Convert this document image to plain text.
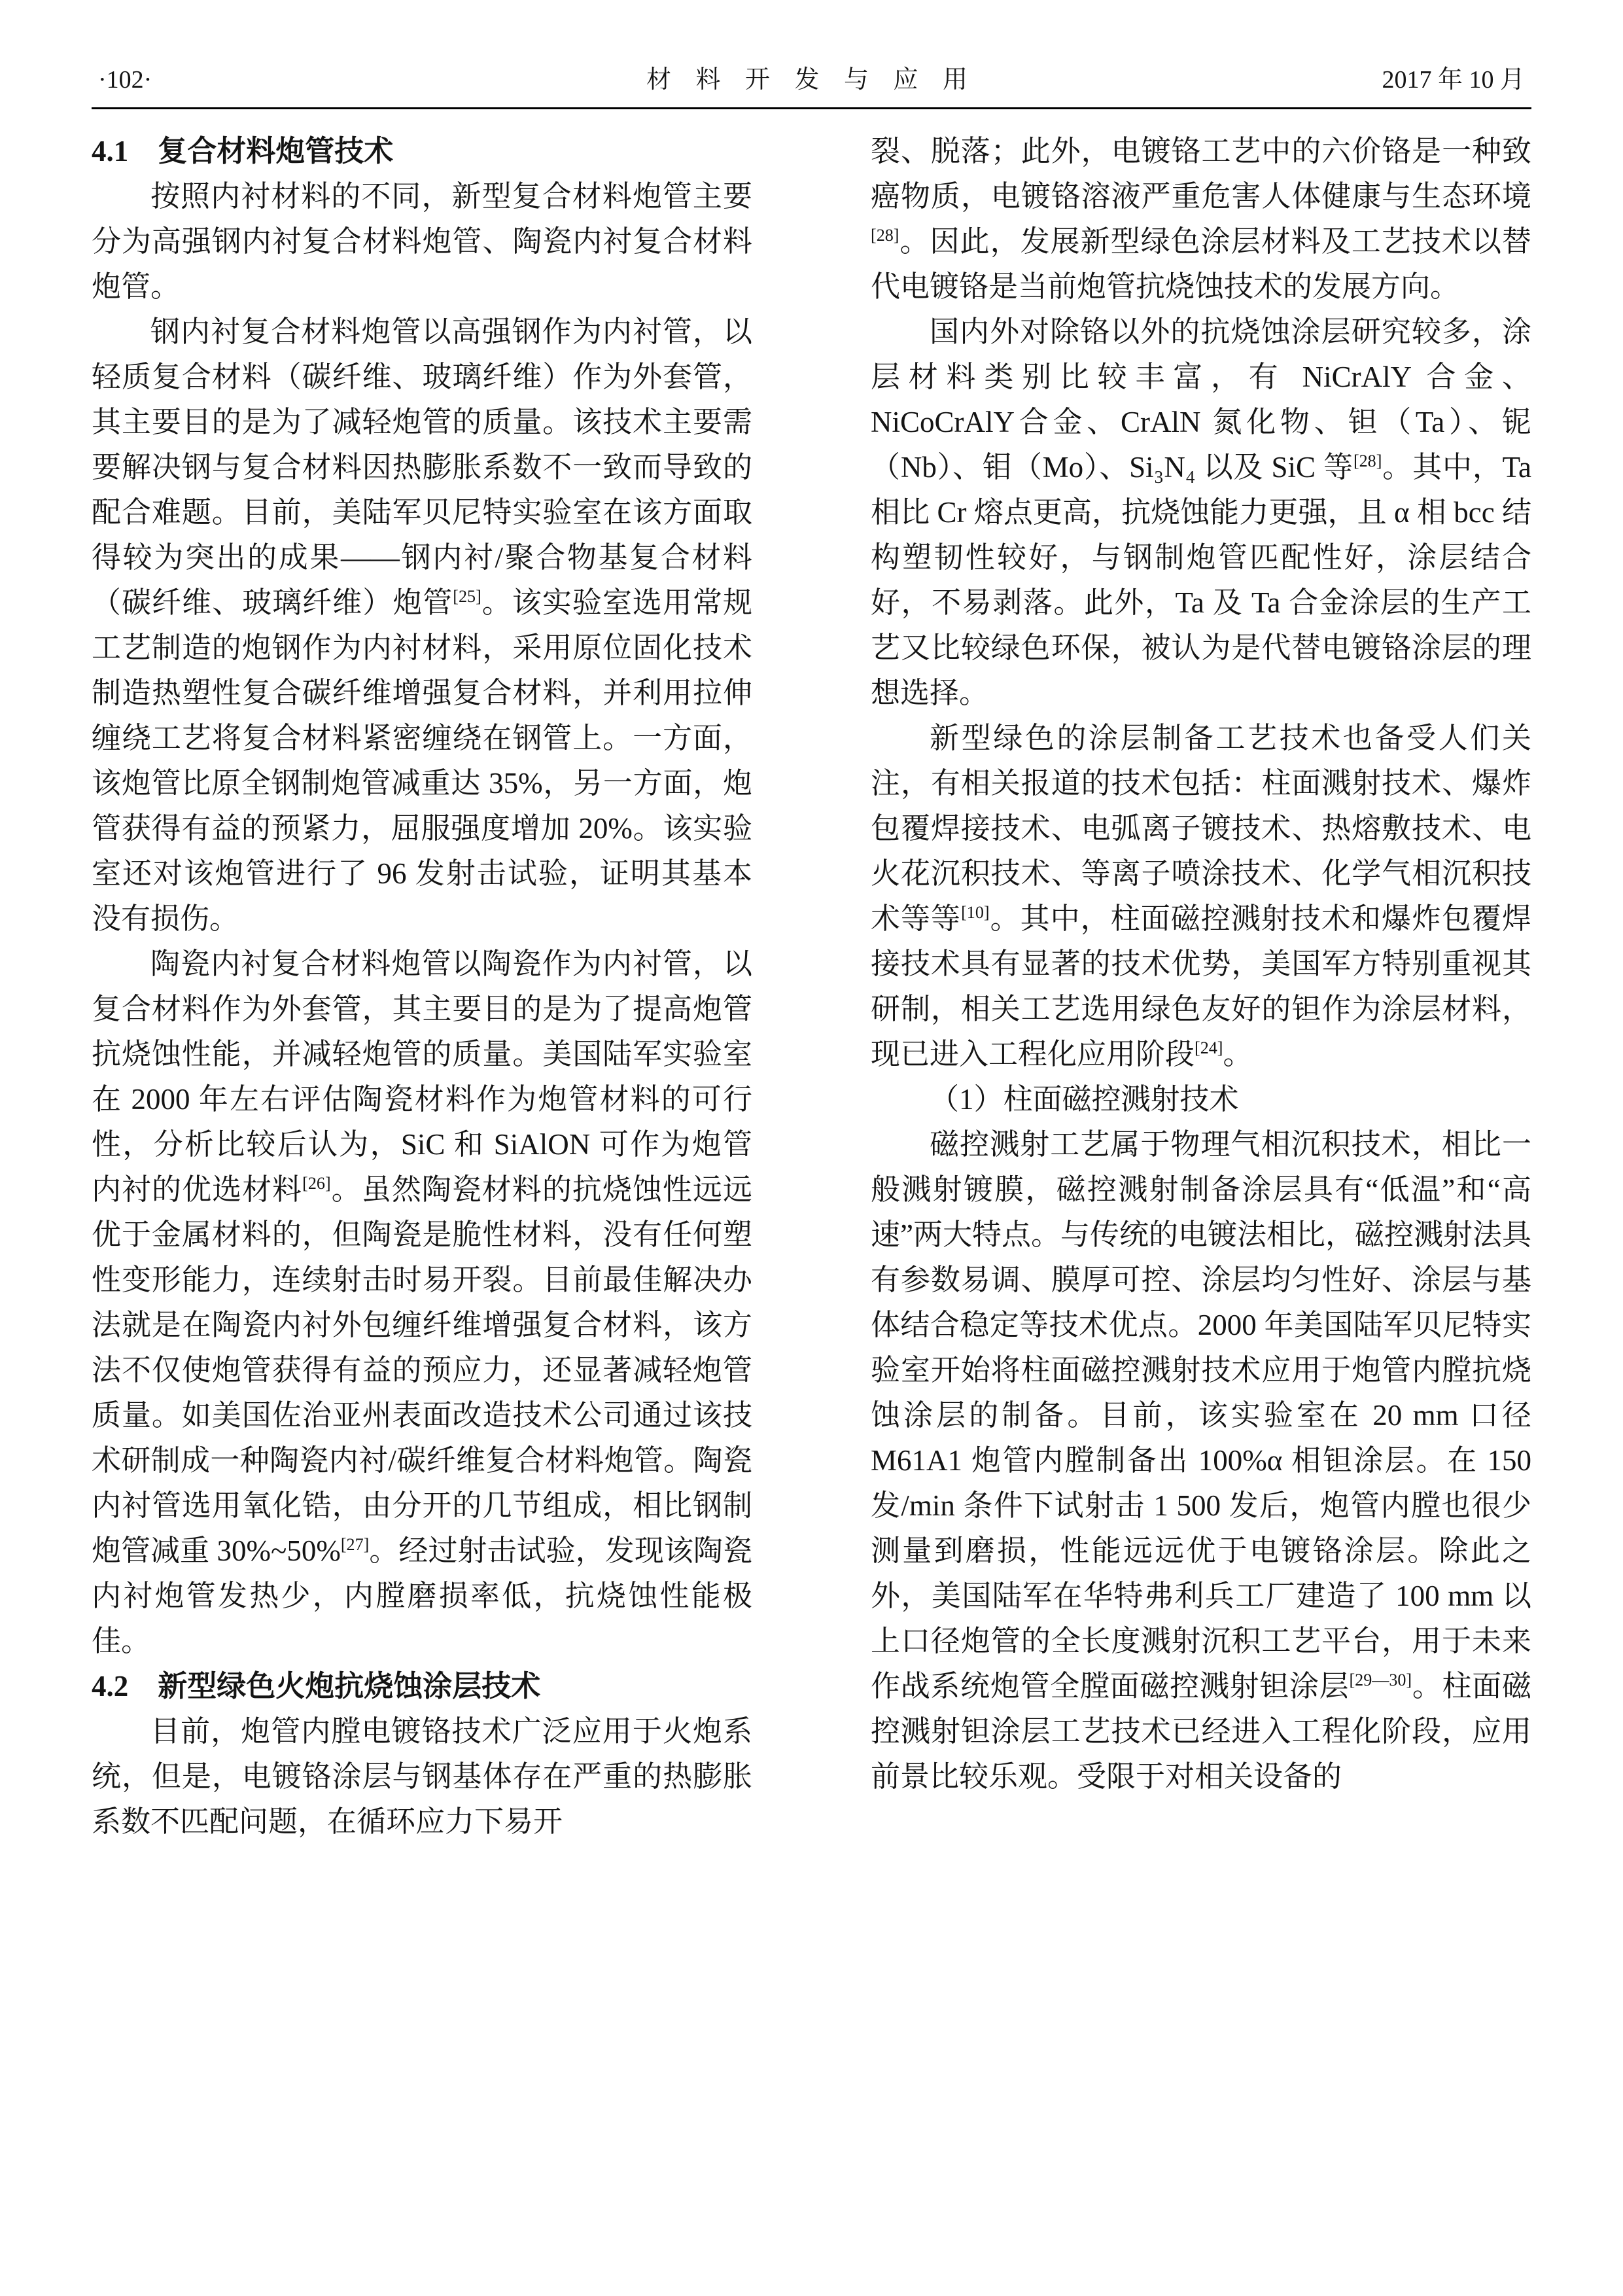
·102·	材 料 开 发 与 应 用	2017 年 10 月
4.1　复合材料炮管技术
按照内衬材料的不同，新型复合材料炮管主要分为高强钢内衬复合材料炮管、陶瓷内衬复合材料炮管。
钢内衬复合材料炮管以高强钢作为内衬管，以轻质复合材料（碳纤维、玻璃纤维）作为外套管，其主要目的是为了减轻炮管的质量。该技术主要需要解决钢与复合材料因热膨胀系数不一致而导致的配合难题。目前，美陆军贝尼特实验室在该方面取得较为突出的成果——钢内衬/聚合物基复合材料（碳纤维、玻璃纤维）炮管[25]。该实验室选用常规工艺制造的炮钢作为内衬材料，采用原位固化技术制造热塑性复合碳纤维增强复合材料，并利用拉伸缠绕工艺将复合材料紧密缠绕在钢管上。一方面，该炮管比原全钢制炮管减重达 35%，另一方面，炮管获得有益的预紧力，屈服强度增加 20%。该实验室还对该炮管进行了 96 发射击试验，证明其基本没有损伤。
陶瓷内衬复合材料炮管以陶瓷作为内衬管，以复合材料作为外套管，其主要目的是为了提高炮管抗烧蚀性能，并减轻炮管的质量。美国陆军实验室在 2000 年左右评估陶瓷材料作为炮管材料的可行性，分析比较后认为，SiC 和 SiAlON 可作为炮管内衬的优选材料[26]。虽然陶瓷材料的抗烧蚀性远远优于金属材料的，但陶瓷是脆性材料，没有任何塑性变形能力，连续射击时易开裂。目前最佳解决办法就是在陶瓷内衬外包缠纤维增强复合材料，该方法不仅使炮管获得有益的预应力，还显著减轻炮管质量。如美国佐治亚州表面改造技术公司通过该技术研制成一种陶瓷内衬/碳纤维复合材料炮管。陶瓷内衬管选用氧化锆，由分开的几节组成，相比钢制炮管减重 30%~50%[27]。经过射击试验，发现该陶瓷内衬炮管发热少，内膛磨损率低，抗烧蚀性能极佳。
4.2　新型绿色火炮抗烧蚀涂层技术
目前，炮管内膛电镀铬技术广泛应用于火炮系统，但是，电镀铬涂层与钢基体存在严重的热膨胀系数不匹配问题，在循环应力下易开
裂、脱落；此外，电镀铬工艺中的六价铬是一种致癌物质，电镀铬溶液严重危害人体健康与生态环境[28]。因此，发展新型绿色涂层材料及工艺技术以替代电镀铬是当前炮管抗烧蚀技术的发展方向。
国内外对除铬以外的抗烧蚀涂层研究较多，涂层材料类别比较丰富，有 NiCrAlY 合金、NiCoCrAlY合金、CrAlN 氮化物、钽（Ta）、铌（Nb）、钼（Mo）、Si₃N₄ 以及 SiC 等[28]。其中，Ta 相比 Cr 熔点更高，抗烧蚀能力更强，且 α 相 bcc 结构塑韧性较好，与钢制炮管匹配性好，涂层结合好，不易剥落。此外，Ta 及 Ta 合金涂层的生产工艺又比较绿色环保，被认为是代替电镀铬涂层的理想选择。
新型绿色的涂层制备工艺技术也备受人们关注，有相关报道的技术包括：柱面溅射技术、爆炸包覆焊接技术、电弧离子镀技术、热熔敷技术、电火花沉积技术、等离子喷涂技术、化学气相沉积技术等等[10]。其中，柱面磁控溅射技术和爆炸包覆焊接技术具有显著的技术优势，美国军方特别重视其研制，相关工艺选用绿色友好的钽作为涂层材料，现已进入工程化应用阶段[24]。
（1）柱面磁控溅射技术
磁控溅射工艺属于物理气相沉积技术，相比一般溅射镀膜，磁控溅射制备涂层具有“低温”和“高速”两大特点。与传统的电镀法相比，磁控溅射法具有参数易调、膜厚可控、涂层均匀性好、涂层与基体结合稳定等技术优点。2000 年美国陆军贝尼特实验室开始将柱面磁控溅射技术应用于炮管内膛抗烧蚀涂层的制备。目前，该实验室在 20 mm 口径 M61A1 炮管内膛制备出 100%α 相钽涂层。在 150 发/min 条件下试射击 1 500 发后，炮管内膛也很少测量到磨损，性能远远优于电镀铬涂层。除此之外，美国陆军在华特弗利兵工厂建造了 100 mm 以上口径炮管的全长度溅射沉积工艺平台，用于未来作战系统炮管全膛面磁控溅射钽涂层[29—30]。柱面磁控溅射钽涂层工艺技术已经进入工程化阶段，应用前景比较乐观。受限于对相关设备的
